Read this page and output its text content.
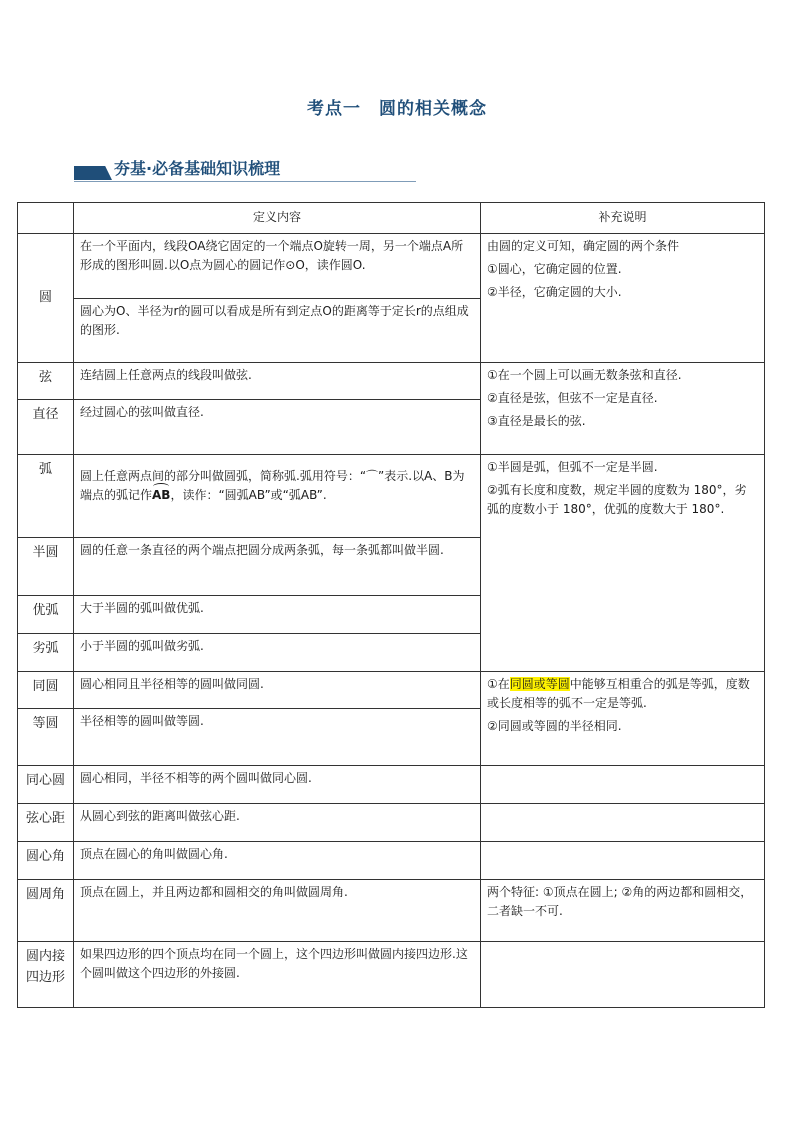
考点一 圆的相关概念
夯基·必备基础知识梳理
	定义内容	补充说明
圆	在一个平面内，线段OA绕它固定的一个端点O旋转一周，另一个端点A所形成的图形叫圆.以O点为圆心的圆记作⊙O，读作圆O.	由圆的定义可知，确定圆的两个条件

①圆心，它确定圆的位置.

②半径，它确定圆的大小.

	圆心为O、半径为r的圆可以看成是所有到定点O的距离等于定长r的点组成的图形.	
弦	连结圆上任意两点的线段叫做弦.	①在一个圆上可以画无数条弦和直径.

②直径是弦，但弦不一定是直径.

③直径是最长的弦.

直径	经过圆心的弦叫做直径.	
弧	圆上任意两点间的部分叫做圆弧，简称弧.弧用符号：“⌒”表示.以A、B为端点的弧记作AB，读作：“圆弧AB”或“弧AB”.	①半圆是弧，但弧不一定是半圆.

②弧有长度和度数，规定半圆的度数为 180°，劣弧的度数小于 180°，优弧的度数大于 180°.

半圆	圆的任意一条直径的两个端点把圆分成两条弧，每一条弧都叫做半圆.	
优弧	大于半圆的弧叫做优弧.	
劣弧	小于半圆的弧叫做劣弧.	
同圆	圆心相同且半径相等的圆叫做同圆.	①在同圆或等圆中能够互相重合的弧是等弧，度数或长度相等的弧不一定是等弧.

②同圆或等圆的半径相同.

等圆	半径相等的圆叫做等圆.	
同心圆	圆心相同，半径不相等的两个圆叫做同心圆.	
弦心距	从圆心到弦的距离叫做弦心距.	
圆心角	顶点在圆心的角叫做圆心角.	
圆周角	顶点在圆上，并且两边都和圆相交的角叫做圆周角.	两个特征: ①顶点在圆上; ②角的两边都和圆相交，二者缺一不可.

圆内接

四边形	如果四边形的四个顶点均在同一个圆上，这个四边形叫做圆内接四边形.这个圆叫做这个四边形的外接圆.	
